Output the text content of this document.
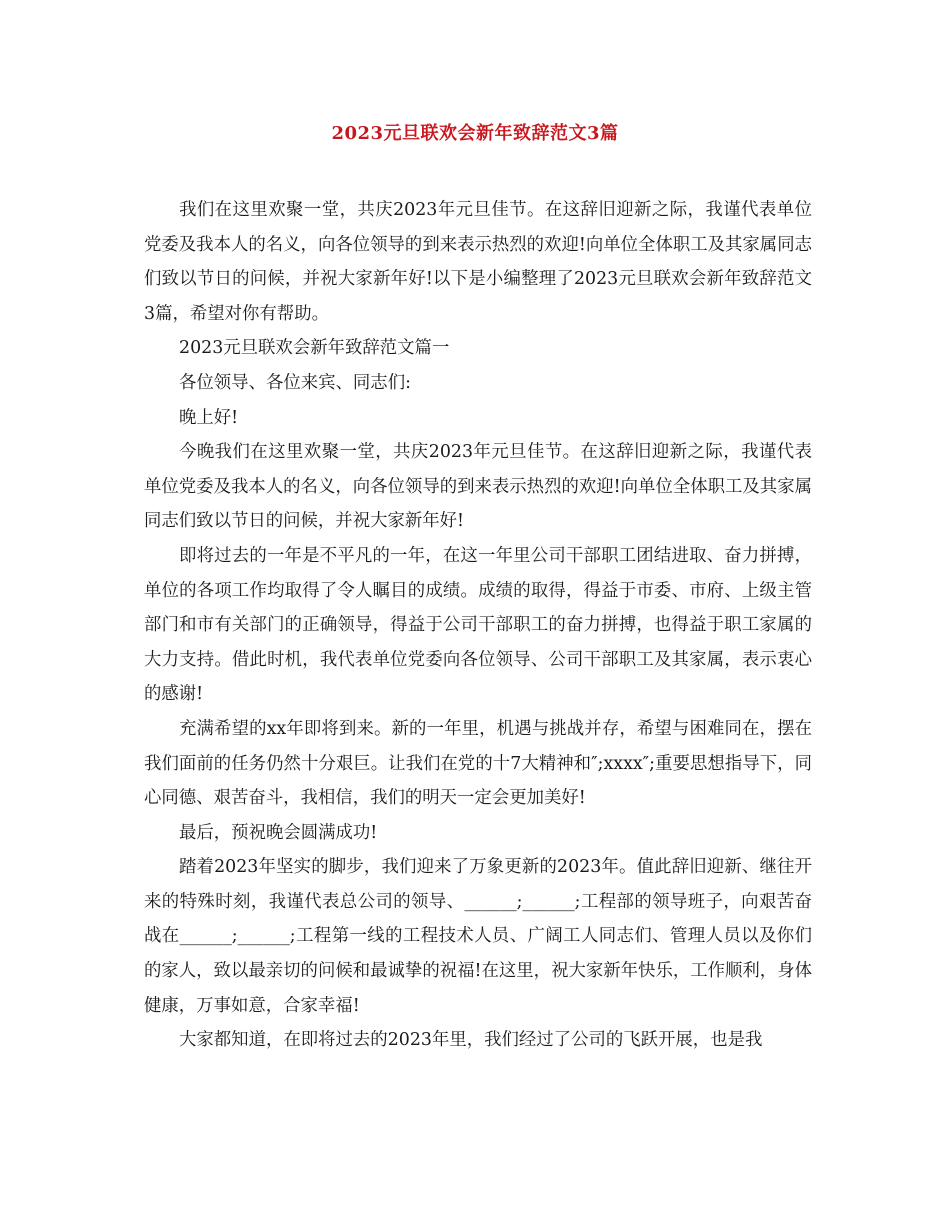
2023元旦联欢会新年致辞范文3篇

我们在这里欢聚一堂，共庆2023年元旦佳节。在这辞旧迎新之际，我谨代表单位党委及我本人的名义，向各位领导的到来表示热烈的欢迎!向单位全体职工及其家属同志们致以节日的问候，并祝大家新年好!以下是小编整理了2023元旦联欢会新年致辞范文3篇，希望对你有帮助。

2023元旦联欢会新年致辞范文篇一

各位领导、各位来宾、同志们:

晚上好!

今晚我们在这里欢聚一堂，共庆2023年元旦佳节。在这辞旧迎新之际，我谨代表单位党委及我本人的名义，向各位领导的到来表示热烈的欢迎!向单位全体职工及其家属同志们致以节日的问候，并祝大家新年好!

即将过去的一年是不平凡的一年，在这一年里公司干部职工团结进取、奋力拼搏，单位的各项工作均取得了令人瞩目的成绩。成绩的取得，得益于市委、市府、上级主管部门和市有关部门的正确领导，得益于公司干部职工的奋力拼搏，也得益于职工家属的大力支持。借此时机，我代表单位党委向各位领导、公司干部职工及其家属，表示衷心的感谢!

充满希望的xx年即将到来。新的一年里，机遇与挑战并存，希望与困难同在，摆在我们面前的任务仍然十分艰巨。让我们在党的十7大精神和″;xxxx″;重要思想指导下，同心同德、艰苦奋斗，我相信，我们的明天一定会更加美好!

最后，预祝晚会圆满成功!

踏着2023年坚实的脚步，我们迎来了万象更新的2023年。值此辞旧迎新、继往开来的特殊时刻，我谨代表总公司的领导、______;______;工程部的领导班子，向艰苦奋战在______;______;工程第一线的工程技术人员、广阔工人同志们、管理人员以及你们的家人，致以最亲切的问候和最诚挚的祝福!在这里，祝大家新年快乐，工作顺利，身体健康，万事如意，合家幸福!

大家都知道，在即将过去的2023年里，我们经过了公司的飞跃开展，也是我
